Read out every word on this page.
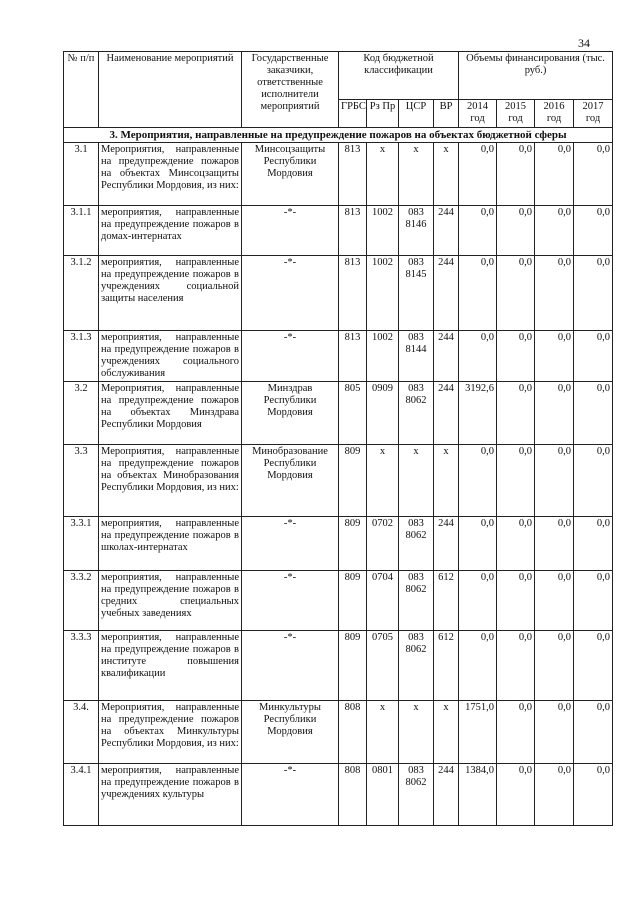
34
№ п/п	Наименование мероприятий	Государственные заказчики, ответственные исполнители мероприятий	Код бюджетной классификации				Объемы финансирования (тыс. руб.)			
			ГРБС	Рз Пр	ЦСР	ВР	2014 год	2015 год	2016 год	2017 год
3. Мероприятия, направленные на предупреждение пожаров на объектах бюджетной сферы										
3.1	Мероприятия, направленные на предупреждение пожаров на объектах Минсоцзащиты Республики Мордовия, из них:	Минсоцзащиты Республики Мордовия	813	х	х	х	0,0	0,0	0,0	0,0
3.1.1	мероприятия, направленные на предупреждение пожаров в домах-интернатах	-*-	813	1002	083 8146	244	0,0	0,0	0,0	0,0
3.1.2	мероприятия, направленные на предупреждение пожаров в учреждениях социальной защиты населения	-*-	813	1002	083 8145	244	0,0	0,0	0,0	0,0
3.1.3	мероприятия, направленные на предупреждение пожаров в учреждениях социального обслуживания	-*-	813	1002	083 8144	244	0,0	0,0	0,0	0,0
3.2	Мероприятия, направленные на предупреждение пожаров на объектах Минздрава Республики Мордовия	Минздрав Республики Мордовия	805	0909	083 8062	244	3192,6	0,0	0,0	0,0
3.3	Мероприятия, направленные на предупреждение пожаров на объектах Минобразования Республики Мордовия, из них:	Минобразование Республики Мордовия	809	х	х	х	0,0	0,0	0,0	0,0
3.3.1	мероприятия, направленные на предупреждение пожаров в школах-интернатах	-*-	809	0702	083 8062	244	0,0	0,0	0,0	0,0
3.3.2	мероприятия, направленные на предупреждение пожаров в средних специальных учебных заведениях	-*-	809	0704	083 8062	612	0,0	0,0	0,0	0,0
3.3.3	мероприятия, направленные на предупреждение пожаров в институте повышения квалификации	-*-	809	0705	083 8062	612	0,0	0,0	0,0	0,0
3.4.	Мероприятия, направленные на предупреждение пожаров на объектах Минкультуры Республики Мордовия, из них:	Минкультуры Республики Мордовия	808	х	х	х	1751,0	0,0	0,0	0,0
3.4.1	мероприятия, направленные на предупреждение пожаров в учреждениях культуры	-*-	808	0801	083 8062	244	1384,0	0,0	0,0	0,0
